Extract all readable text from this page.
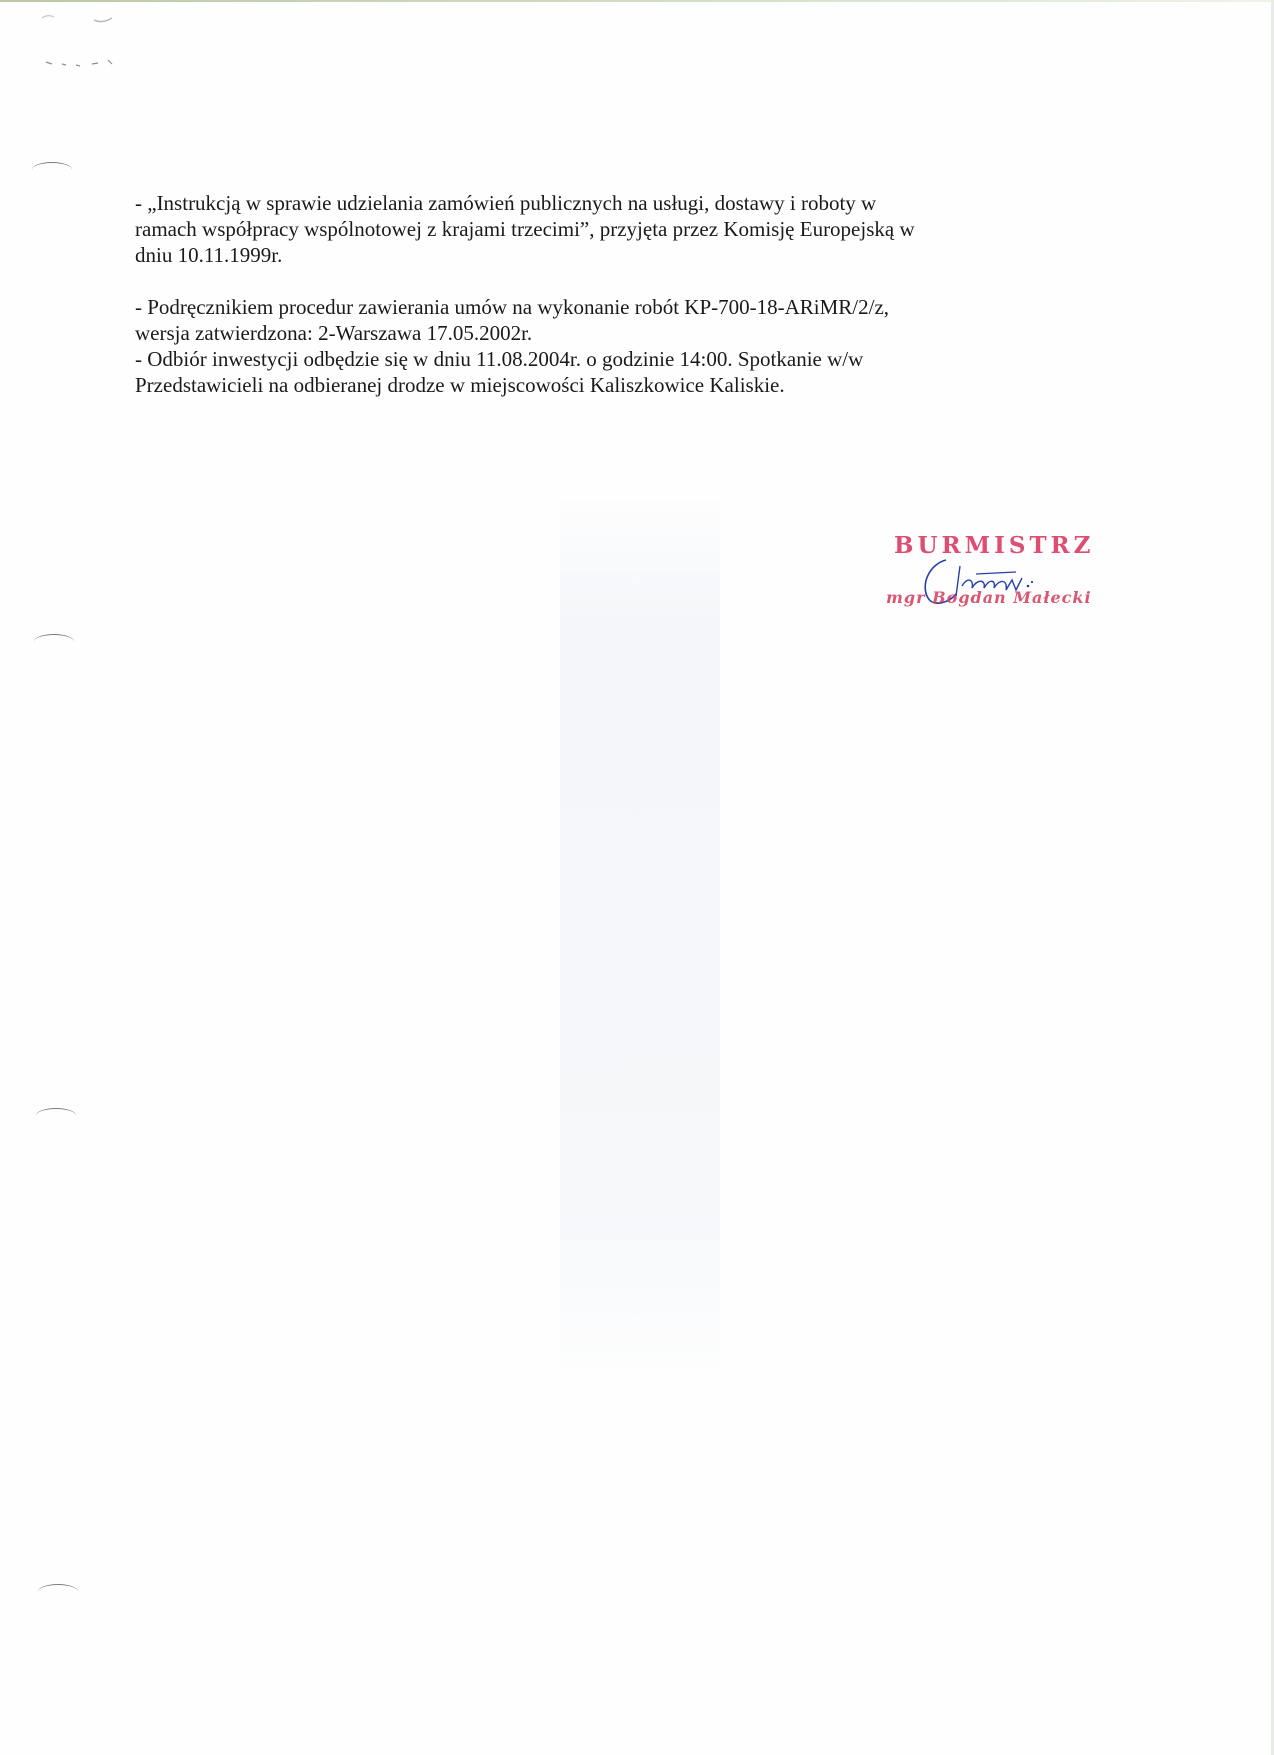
- „Instrukcją w sprawie udzielania zamówień publicznych na usługi, dostawy i roboty w
ramach współpracy wspólnotowej z krajami trzecimi”, przyjęta przez Komisję Europejską w
dniu 10.11.1999r.

- Podręcznikiem procedur zawierania umów na wykonanie robót KP-700-18-ARiMR/2/z,
wersja zatwierdzona: 2-Warszawa 17.05.2002r.
- Odbiór inwestycji odbędzie się w dniu 11.08.2004r. o godzinie 14:00. Spotkanie w/w
Przedstawicieli na odbieranej drodze w miejscowości Kaliszkowice Kaliskie.

BURMISTRZ
mgr Bogdan Małecki
